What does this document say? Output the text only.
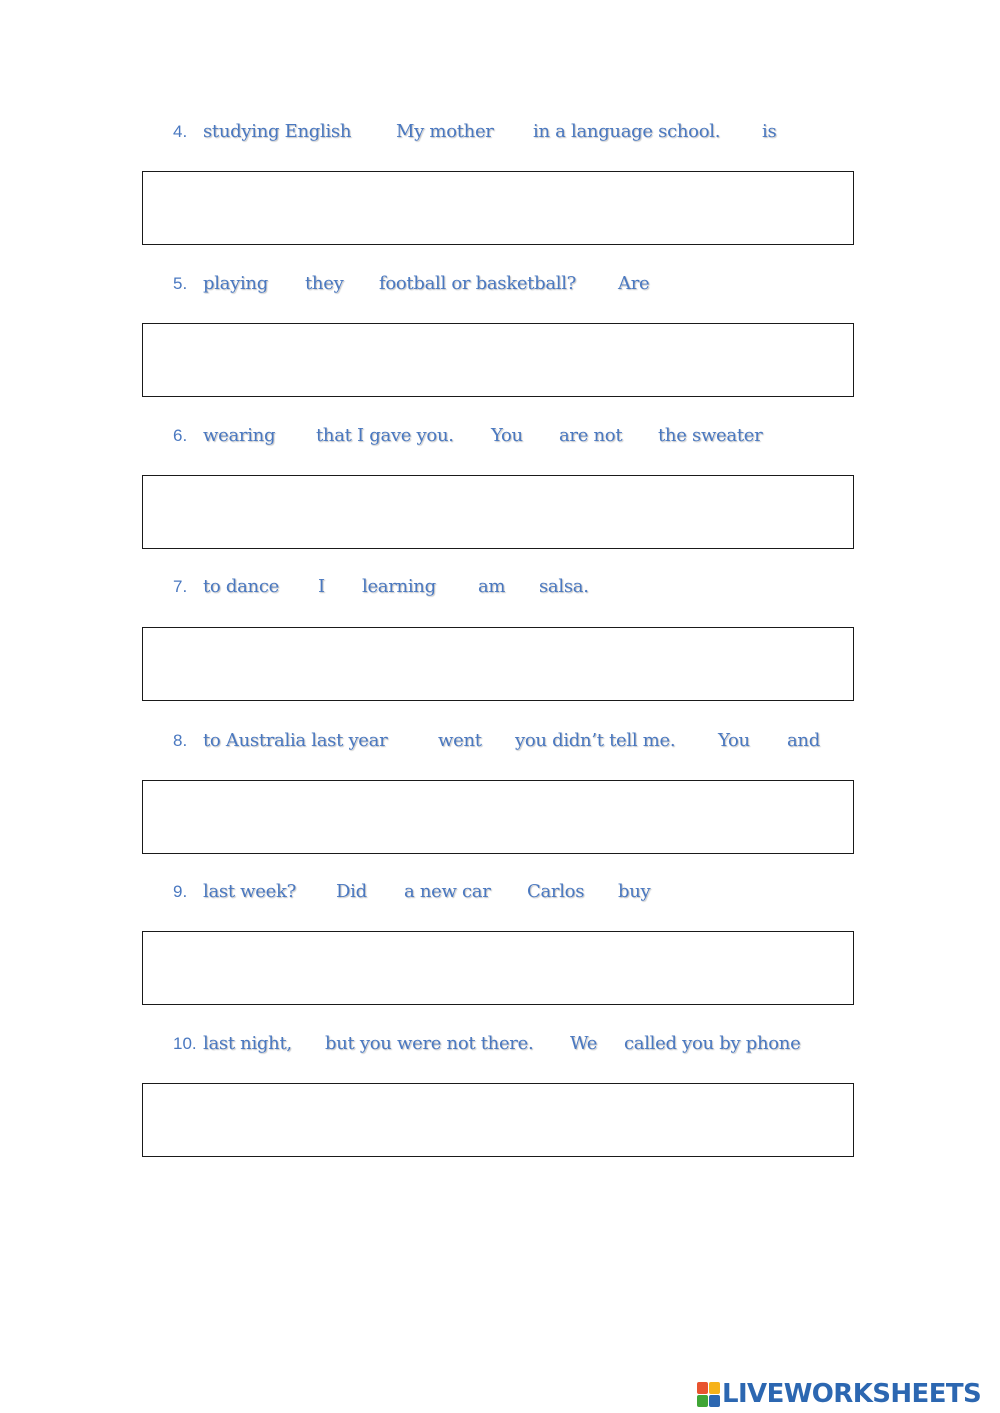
4. studying English My mother in a language school. is
5. playing they football or basketball? Are
6. wearing that I gave you. You are not the sweater
7. to dance I learning am salsa.
8. to Australia last year	went you didn’t tell me. You and
9. last week? Did a new car Carlos buy
10. last night, but you were not there. We called you by phone
LIVEWORKSHEETS
